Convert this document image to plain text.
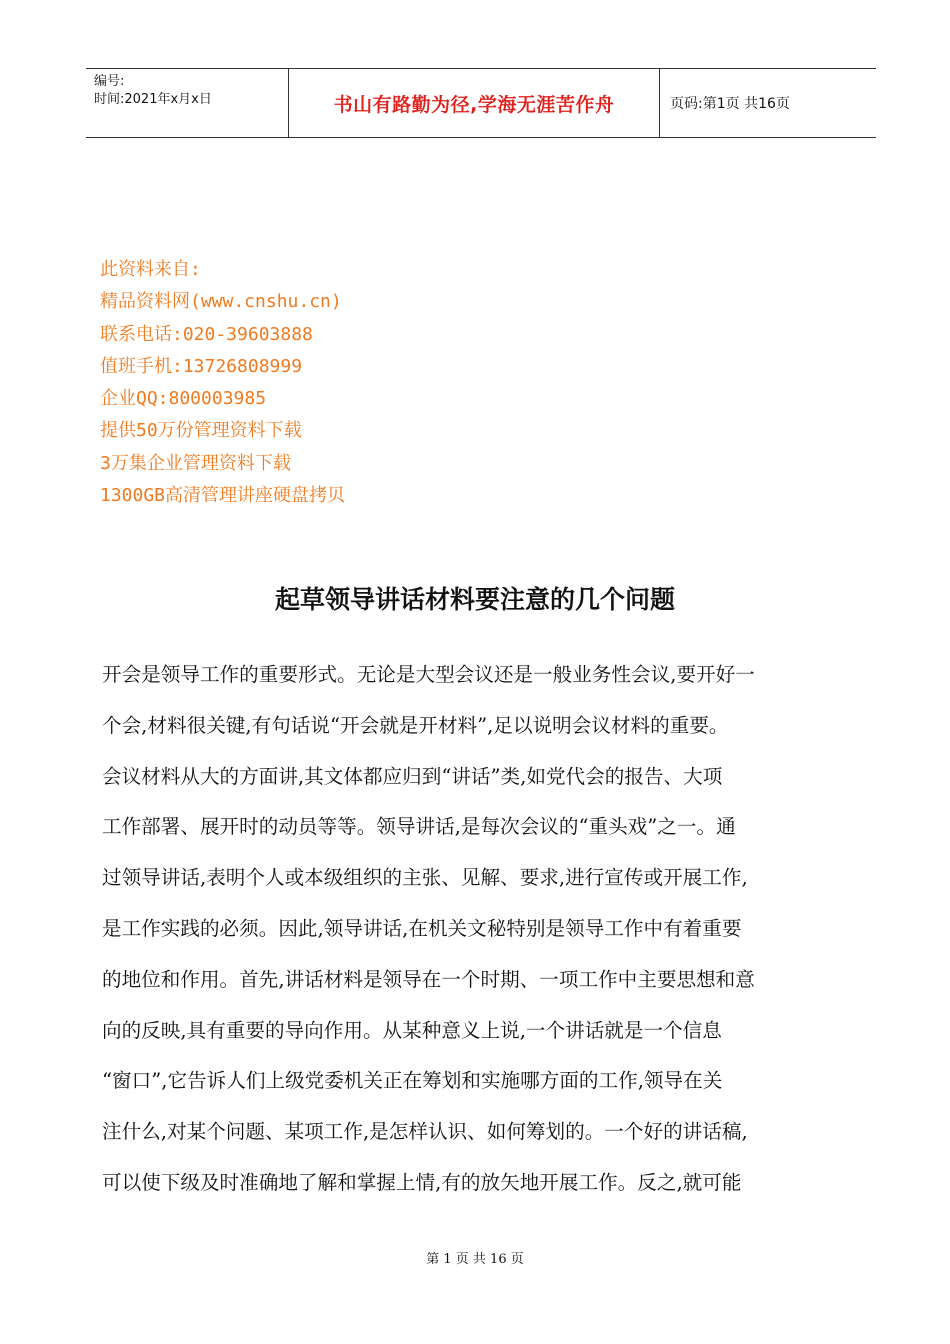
编号:
时间:2021年x月x日	书山有路勤为径,学海无涯苦作舟	页码:第1页 共16页
此资料来自:
精品资料网(www.cnshu.cn)
联系电话:020-39603888
值班手机:13726808999
企业QQ:800003985
提供50万份管理资料下载
3万集企业管理资料下载
1300GB高清管理讲座硬盘拷贝
起草领导讲话材料要注意的几个问题
开会是领导工作的重要形式。无论是大型会议还是一般业务性会议,要开好一
个会,材料很关键,有句话说“开会就是开材料”,足以说明会议材料的重要。
会议材料从大的方面讲,其文体都应归到“讲话”类,如党代会的报告、大项
工作部署、展开时的动员等等。领导讲话,是每次会议的“重头戏”之一。通
过领导讲话,表明个人或本级组织的主张、见解、要求,进行宣传或开展工作,
是工作实践的必须。因此,领导讲话,在机关文秘特别是领导工作中有着重要
的地位和作用。首先,讲话材料是领导在一个时期、一项工作中主要思想和意
向的反映,具有重要的导向作用。从某种意义上说,一个讲话就是一个信息
“窗口”,它告诉人们上级党委机关正在筹划和实施哪方面的工作,领导在关
注什么,对某个问题、某项工作,是怎样认识、如何筹划的。一个好的讲话稿,
可以使下级及时准确地了解和掌握上情,有的放矢地开展工作。反之,就可能
第 1 页 共 16 页
